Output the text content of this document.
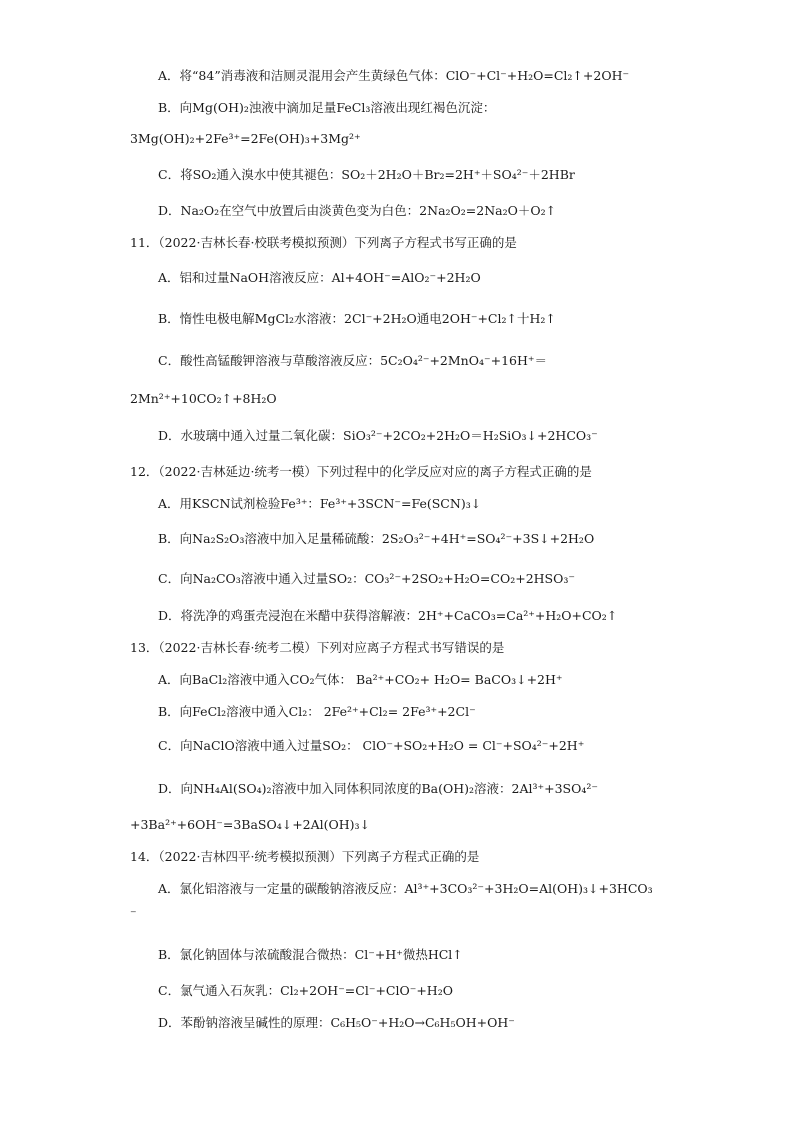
A．将“84”消毒液和洁厕灵混用会产生黄绿色气体：ClO⁻+Cl⁻+H₂O=Cl₂↑+2OH⁻
B．向Mg(OH)₂浊液中滴加足量FeCl₃溶液出现红褐色沉淀：
3Mg(OH)₂+2Fe³⁺=2Fe(OH)₃+3Mg²⁺
C．将SO₂通入溴水中使其褪色：SO₂＋2H₂O＋Br₂=2H⁺＋SO₄²⁻＋2HBr
D．Na₂O₂在空气中放置后由淡黄色变为白色：2Na₂O₂=2Na₂O＋O₂↑
11．（2022·吉林长春·校联考模拟预测）下列离子方程式书写正确的是
A．铝和过量NaOH溶液反应：Al+4OH⁻=AlO₂⁻+2H₂O
B．惰性电极电解MgCl₂水溶液：2Cl⁻+2H₂O通电2OH⁻+Cl₂↑十H₂↑
C．酸性高锰酸钾溶液与草酸溶液反应：5C₂O₄²⁻+2MnO₄⁻+16H⁺＝
2Mn²⁺+10CO₂↑+8H₂O
D．水玻璃中通入过量二氧化碳：SiO₃²⁻+2CO₂+2H₂O＝H₂SiO₃↓+2HCO₃⁻
12．（2022·吉林延边·统考一模）下列过程中的化学反应对应的离子方程式正确的是
A．用KSCN试剂检验Fe³⁺：Fe³⁺+3SCN⁻=Fe(SCN)₃↓
B．向Na₂S₂O₃溶液中加入足量稀硫酸：2S₂O₃²⁻+4H⁺=SO₄²⁻+3S↓+2H₂O
C．向Na₂CO₃溶液中通入过量SO₂：CO₃²⁻+2SO₂+H₂O=CO₂+2HSO₃⁻
D．将洗净的鸡蛋壳浸泡在米醋中获得溶解液：2H⁺+CaCO₃=Ca²⁺+H₂O+CO₂↑
13．（2022·吉林长春·统考二模）下列对应离子方程式书写错误的是
A．向BaCl₂溶液中通入CO₂气体： Ba²⁺+CO₂+ H₂O= BaCO₃↓+2H⁺
B．向FeCl₂溶液中通入Cl₂： 2Fe²⁺+Cl₂= 2Fe³⁺+2Cl⁻
C．向NaClO溶液中通入过量SO₂： ClO⁻+SO₂+H₂O = Cl⁻+SO₄²⁻+2H⁺
D．向NH₄Al(SO₄)₂溶液中加入同体积同浓度的Ba(OH)₂溶液：2Al³⁺+3SO₄²⁻
+3Ba²⁺+6OH⁻=3BaSO₄↓+2Al(OH)₃↓
14．（2022·吉林四平·统考模拟预测）下列离子方程式正确的是
A．氯化铝溶液与一定量的碳酸钠溶液反应：Al³⁺+3CO₃²⁻+3H₂O=Al(OH)₃↓+3HCO₃
⁻
B．氯化钠固体与浓硫酸混合微热：Cl⁻+H⁺微热HCl↑
C．氯气通入石灰乳：Cl₂+2OH⁻=Cl⁻+ClO⁻+H₂O
D．苯酚钠溶液呈碱性的原理：C₆H₅O⁻+H₂O→C₆H₅OH+OH⁻
